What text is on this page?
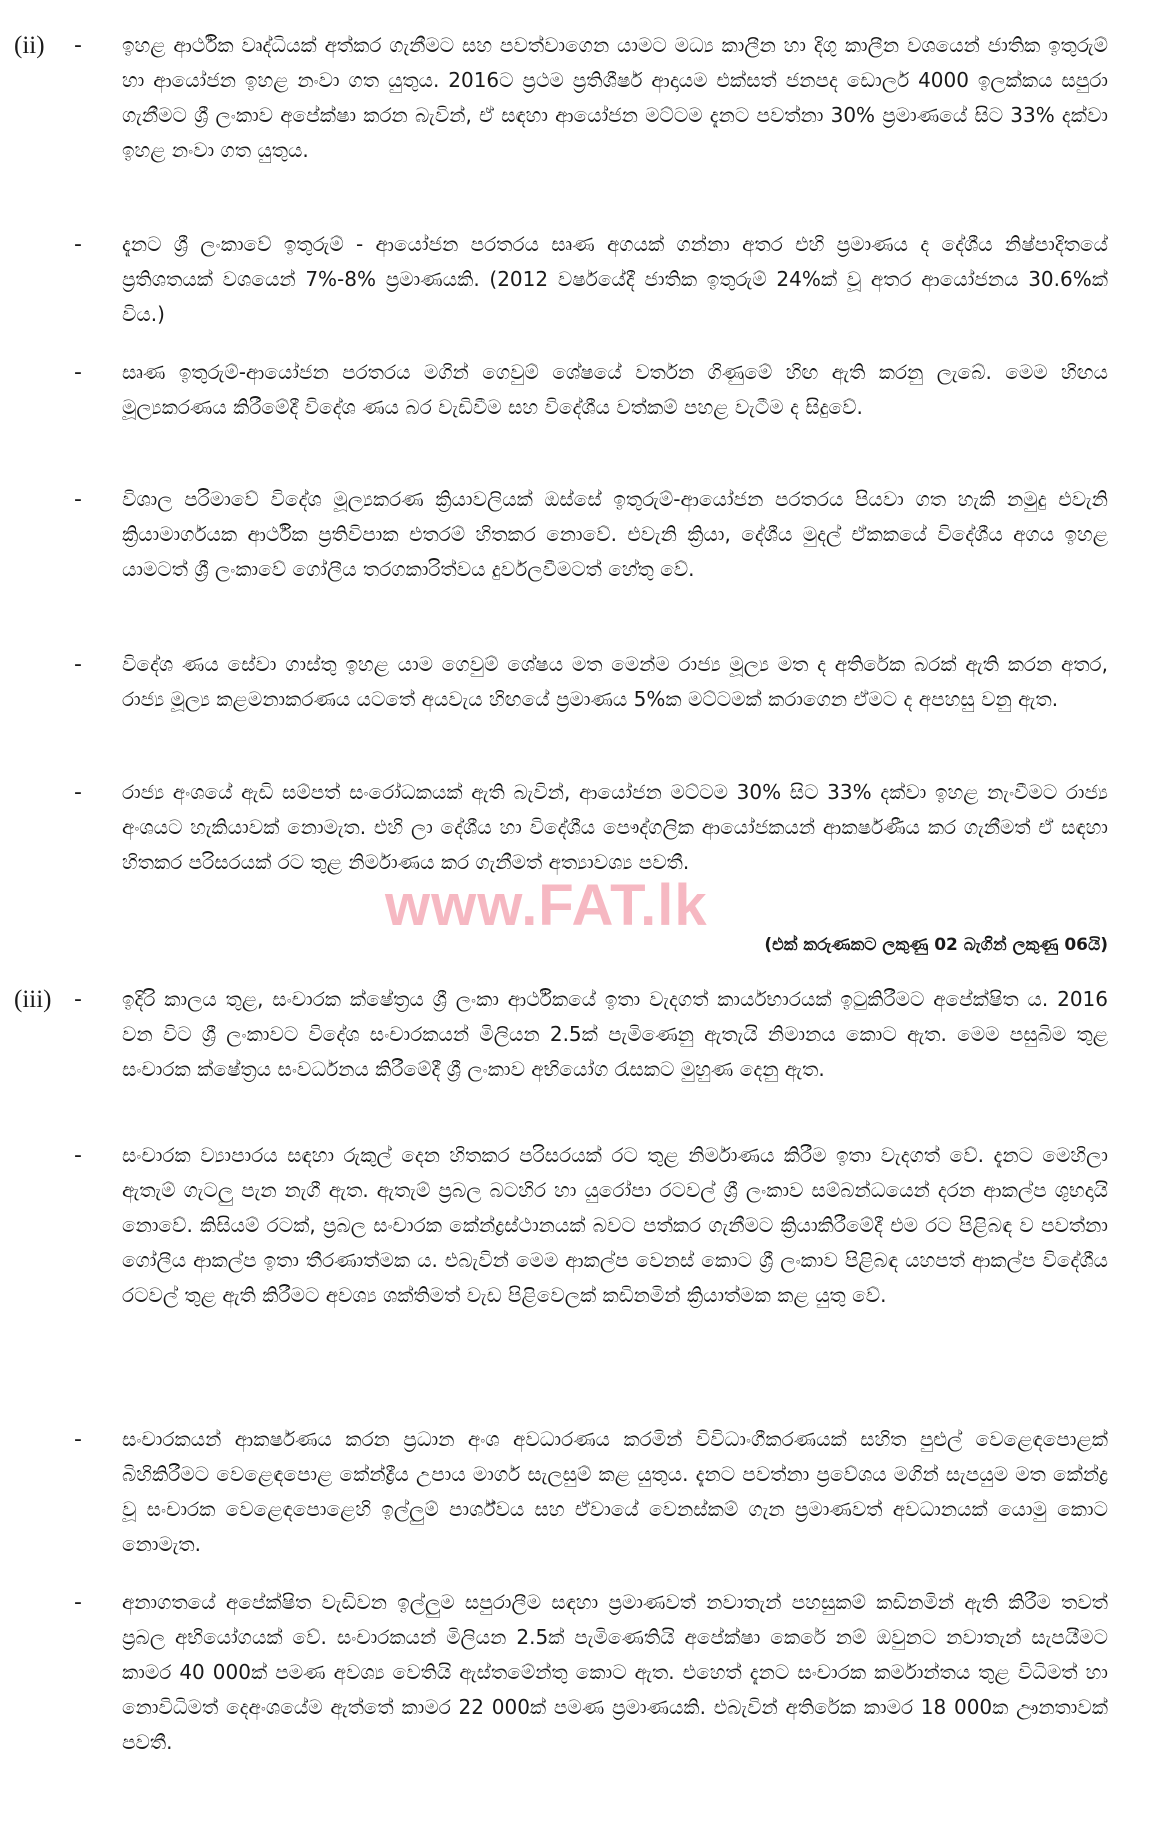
(ii) - ඉහළ ආර්ථික වෘද්ධියක් අත්කර ගැනීමට සහ පවත්වාගෙන යාමට මධ්‍ය කාලීන හා දිගු කාලීන වශයෙන් ජාතික ඉතුරුම් හා ආයෝජන ඉහළ නංවා ගත යුතුය. 2016ට ප්‍රථම ප්‍රතිශීර්ෂ ආදායම එක්සත් ජනපද ඩොලර් 4000 ඉලක්කය සපුරා ගැනීමට ශ්‍රී ලංකාව අපේක්ෂා කරන බැවින්, ඒ සඳහා ආයෝජන මට්ටම දැනට පවත්නා 30% ප්‍රමාණයේ සිට 33% දක්වා ඉහළ නංවා ගත යුතුය.
- දැනට ශ්‍රී ලංකාවේ ඉතුරුම් - ආයෝජන පරතරය සෘණ අගයක් ගන්නා අතර එහි ප්‍රමාණය ද දේශීය නිෂ්පාදිතයේ ප්‍රතිශතයක් වශයෙන් 7%-8% ප්‍රමාණයකි. (2012 වර්ෂයේදී ජාතික ඉතුරුම් 24%ක් වූ අතර ආයෝජනය 30.6%ක් විය.)
- සෘණ ඉතුරුම්-ආයෝජන පරතරය මගින් ගෙවුම් ශේෂයේ වර්තන ගිණුමේ හිඟ ඇති කරනු ලැබේ. මෙම හිඟය මූල්‍යකරණය කිරීමේදී විදේශ ණය බර වැඩිවීම සහ විදේශීය වත්කම් පහළ වැටීම ද සිදුවේ.
- විශාල පරිමාවේ විදේශ මූල්‍යකරණ ක්‍රියාවලියක් ඔස්සේ ඉතුරුම්-ආයෝජන පරතරය පියවා ගත හැකි නමුදු එවැනි ක්‍රියාමාර්ගයක ආර්ථික ප්‍රතිවිපාක එතරම් හිතකර නොවේ. එවැනි ක්‍රියා, දේශීය මුදල් ඒකකයේ විදේශීය අගය ඉහළ යාමටත් ශ්‍රී ලංකාවේ ගෝලීය තරගකාරිත්වය දුර්වලවීමටත් හේතු වේ.
- විදේශ ණය සේවා ගාස්තු ඉහළ යාම ගෙවුම් ශේෂය මත මෙන්ම රාජ්‍ය මූල්‍ය මත ද අතිරේක බරක් ඇති කරන අතර, රාජ්‍ය මූල්‍ය කළමනාකරණය යටතේ අයවැය හිඟයේ ප්‍රමාණය 5%ක මට්ටමක් කරාගෙන ඒමට ද අපහසු වනු ඇත.
- රාජ්‍ය අංශයේ ඇඩි සම්පත් සංරෝධකයක් ඇති බැවින්, ආයෝජන මට්ටම 30% සිට 33% දක්වා ඉහළ නැංවීමට රාජ්‍ය අංශයට හැකියාවක් නොමැත. එහි ලා දේශීය හා විදේශීය පෞද්ගලික ආයෝජකයන් ආකර්ෂණීය කර ගැනීමත් ඒ සඳහා හිතකර පරිසරයක් රට තුළ නිර්මාණය කර ගැනීමත් අත්‍යාවශ්‍ය පවතී.
(එක් කරුණකට ලකුණු 02 බැගින් ලකුණු 06යි)
(iii) - ඉදිරි කාලය තුළ, සංචාරක ක්ෂේත්‍රය ශ්‍රී ලංකා ආර්ථිකයේ ඉතා වැදගත් කාර්යභාරයක් ඉටුකිරීමට අපේක්ෂිත ය. 2016 වන විට ශ්‍රී ලංකාවට විදේශ සංචාරකයන් මිලියන 2.5ක් පැමිණෙනු ඇතැයි නිමානය කොට ඇත. මෙම පසුබිම තුළ සංචාරක ක්ෂේත්‍රය සංවර්ධනය කිරීමේදී ශ්‍රී ලංකාව අභියෝග රැසකට මුහුණ දෙනු ඇත.
- සංචාරක ව්‍යාපාරය සඳහා රුකුල් දෙන හිතකර පරිසරයක් රට තුළ නිර්මාණය කිරීම ඉතා වැදගත් වේ. දැනට මෙහිලා ඇතැම් ගැටලු පැන නැගී ඇත. ඇතැම් ප්‍රබල බටහිර හා යුරෝපා රටවල් ශ්‍රී ලංකාව සම්බන්ධයෙන් දරන ආකල්ප ශුභදායි නොවේ. කිසියම් රටක්, ප්‍රබල සංචාරක කේන්ද්‍රස්ථානයක් බවට පත්කර ගැනීමට ක්‍රියාකිරීමේදී එම රට පිළිබඳ ව පවත්නා ගෝලීය ආකල්ප ඉතා තීරණාත්මක ය. එබැවින් මෙම ආකල්ප වෙනස් කොට ශ්‍රී ලංකාව පිළිබඳ යහපත් ආකල්ප විදේශීය රටවල් තුළ ඇති කිරීමට අවශ්‍ය ශක්තිමත් වැඩ පිළිවෙලක් කඩිනමින් ක්‍රියාත්මක කළ යුතු වේ.
- සංචාරකයන් ආකර්ෂණය කරන ප්‍රධාන අංශ අවධාරණය කරමින් විවිධාංගීකරණයක් සහිත පුළුල් වෙළෙඳපොළක් බිහිකිරීමට වෙළෙඳපොළ කේන්ද්‍රීය උපාය මාර්ග සැලසුම් කළ යුතුය. දැනට පවත්නා ප්‍රවේශය මගින් සැපයුම මත කේන්ද්‍ර වූ සංචාරක වෙළෙඳපොළෙහි ඉල්ලුම් පාර්ශ්වය සහ ඒවායේ වෙනස්කම් ගැන ප්‍රමාණවත් අවධානයක් යොමු කොට නොමැත.
- අනාගතයේ අපේක්ෂිත වැඩිවන ඉල්ලුම සපුරාලීම සඳහා ප්‍රමාණවත් නවාතැන් පහසුකම් කඩිනමින් ඇති කිරීම තවත් ප්‍රබල අභියෝගයක් වේ. සංචාරකයන් මිලියන 2.5ක් පැමිණෙතියි අපේක්ෂා කෙරේ නම් ඔවුනට නවාතැන් සැපයීමට කාමර 40 000ක් පමණ අවශ්‍ය වෙතියි ඇස්තමේන්තු කොට ඇත. එහෙත් දැනට සංචාරක කර්මාන්තය තුළ විධිමත් හා නොවිධිමත් දෙඅංශයේම ඇත්තේ කාමර 22 000ක් පමණ ප්‍රමාණයකි. එබැවින් අතිරේක කාමර 18 000ක ඌනතාවක් පවතී.
www.FAT.lk
